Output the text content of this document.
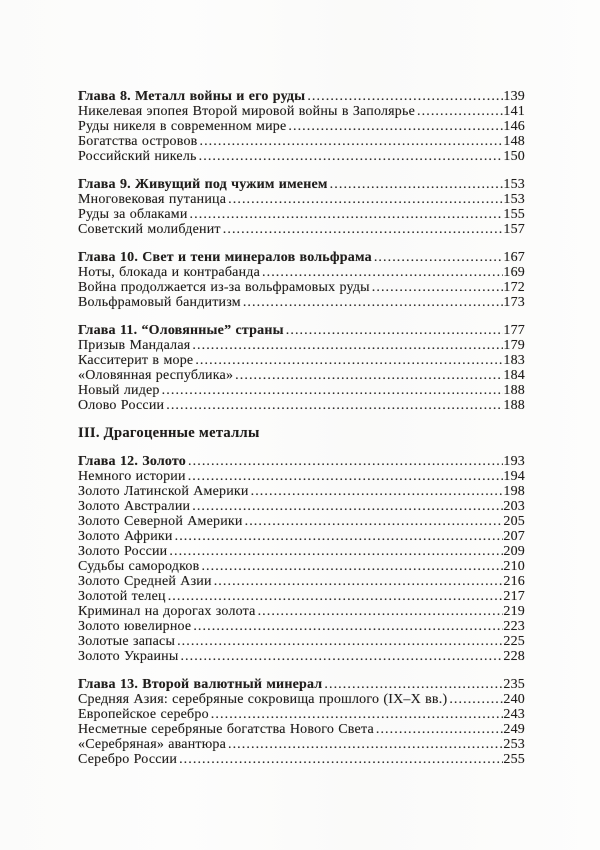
Глава 8. Металл войны и его руды .....	139
Никелевая эпопея Второй мировой войны в Заполярье .....	141
Руды никеля в современном мире .....	146
Богатства островов .....	148
Российский никель .....	150
Глава 9. Живущий под чужим именем .....	153
Многовековая путаница .....	153
Руды за облаками .....	155
Советский молибденит .....	157
Глава 10. Свет и тени минералов вольфрама .....	167
Ноты, блокада и контрабанда .....	169
Война продолжается из-за вольфрамовых руды .....	172
Вольфрамовый бандитизм .....	173
Глава 11. “Оловянные” страны .....	177
Призыв Мандалая .....	179
Касситерит в море .....	183
«Оловянная республика» .....	184
Новый лидер .....	188
Олово России .....	188
III. Драгоценные металлы
Глава 12. Золото .....	193
Немного истории .....	194
Золото Латинской Америки .....	198
Золото Австралии .....	203
Золото Северной Америки .....	205
Золото Африки .....	207
Золото России .....	209
Судьбы самородков .....	210
Золото Средней Азии .....	216
Золотой телец .....	217
Криминал на дорогах золота .....	219
Золото ювелирное .....	223
Золотые запасы .....	225
Золото Украины .....	228
Глава 13. Второй валютный минерал .....	235
Средняя Азия: серебряные сокровища прошлого (IX–X вв.) .....	240
Европейское серебро .....	243
Несметные серебряные богатства Нового Света .....	249
«Серебряная» авантюра .....	253
Серебро России .....	255
